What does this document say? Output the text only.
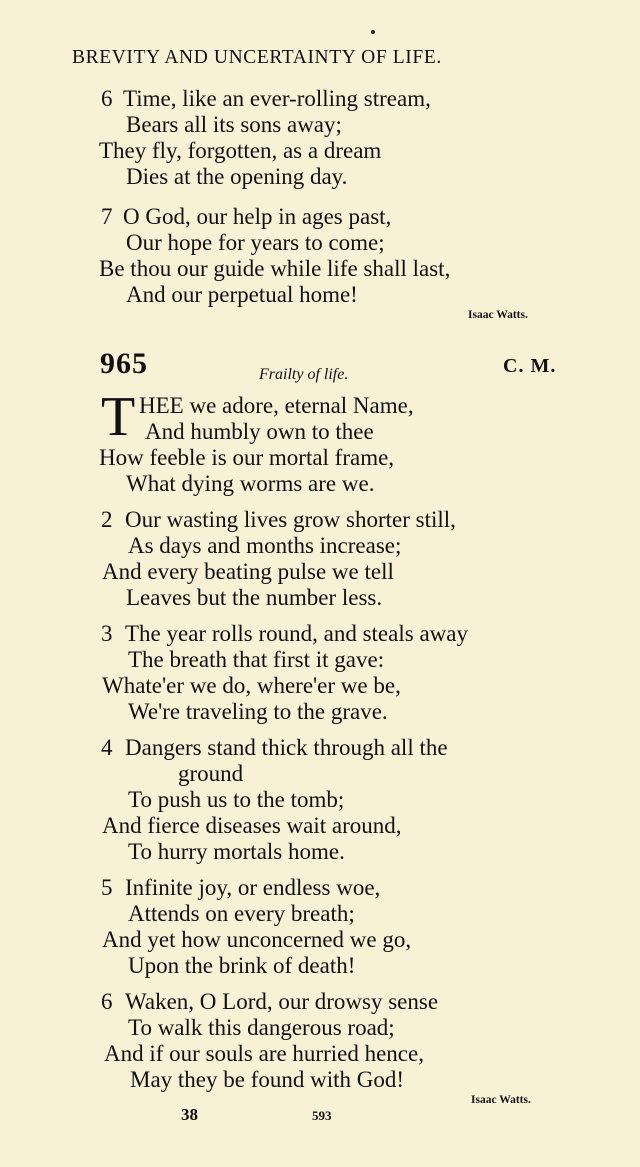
BREVITY AND UNCERTAINTY OF LIFE.
6 Time, like an ever-rolling stream,
Bears all its sons away;
They fly, forgotten, as a dream
Dies at the opening day.
7 O God, our help in ages past,
Our hope for years to come;
Be thou our guide while life shall last,
And our perpetual home!
Isaac Watts.
965	Frailty of life.	C. M.
T HEE we adore, eternal Name,
And humbly own to thee
How feeble is our mortal frame,
What dying worms are we.
2 Our wasting lives grow shorter still,
As days and months increase;
And every beating pulse we tell
Leaves but the number less.
3 The year rolls round, and steals away
The breath that first it gave:
Whate'er we do, where'er we be,
We're traveling to the grave.
4 Dangers stand thick through all the
ground
To push us to the tomb;
And fierce diseases wait around,
To hurry mortals home.
5 Infinite joy, or endless woe,
Attends on every breath;
And yet how unconcerned we go,
Upon the brink of death!
6 Waken, O Lord, our drowsy sense
To walk this dangerous road;
And if our souls are hurried hence,
May they be found with God!
Isaac Watts.
38	593
